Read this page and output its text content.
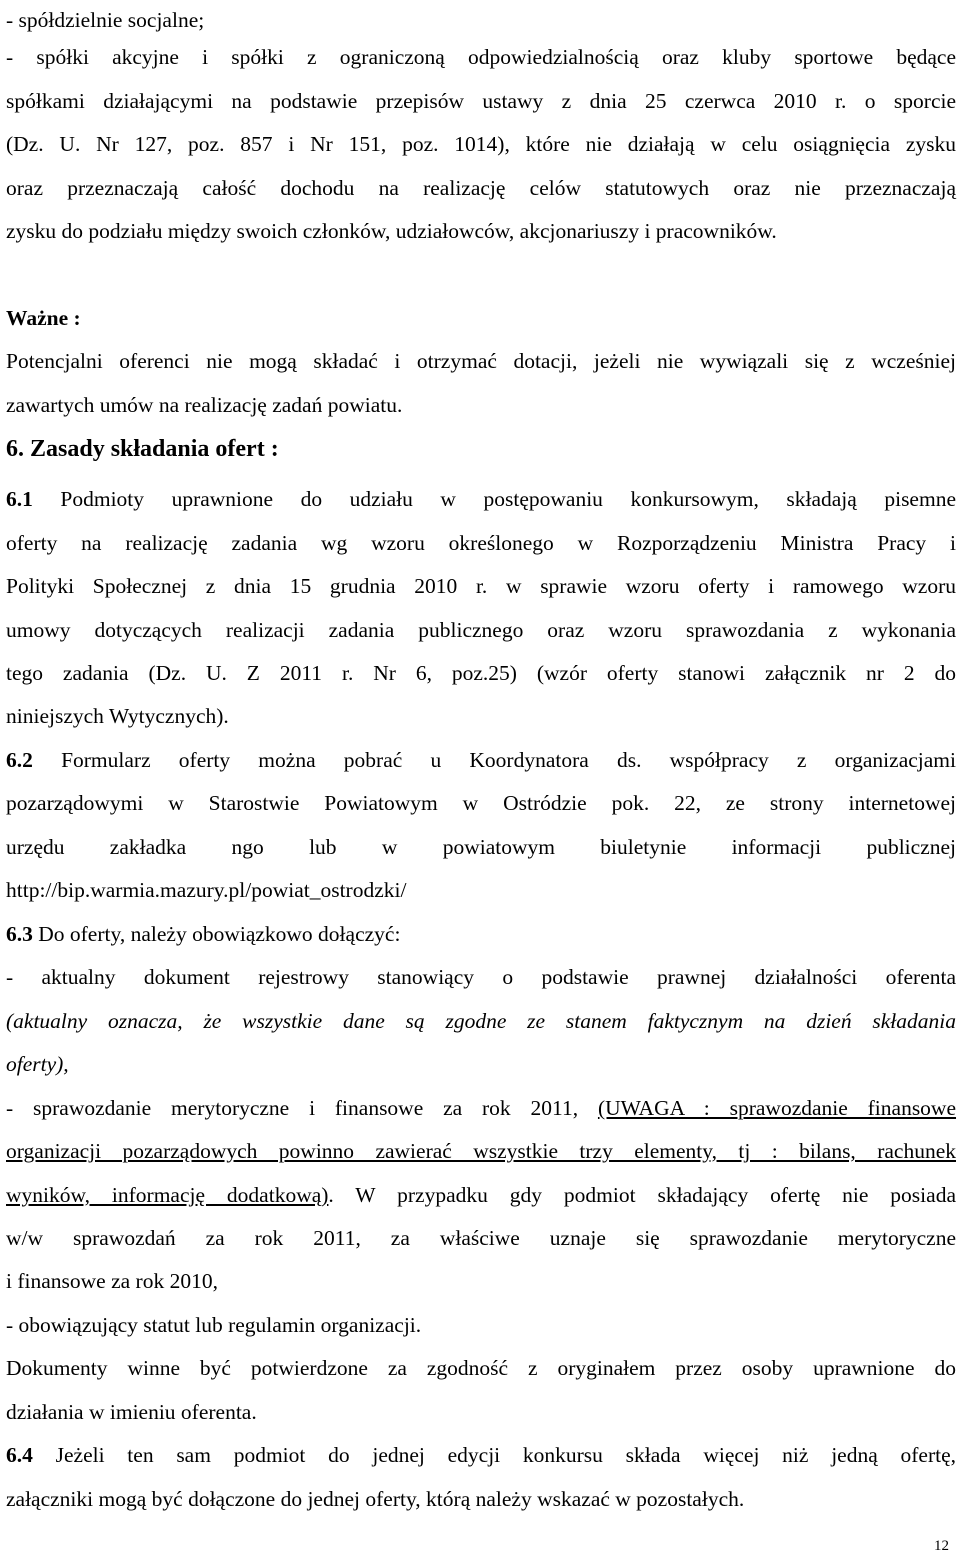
- spółdzielnie socjalne;
- spółki akcyjne i spółki z ograniczoną odpowiedzialnością oraz kluby sportowe będące
spółkami działającymi na podstawie przepisów ustawy z dnia 25 czerwca 2010 r. o sporcie
(Dz. U. Nr 127, poz. 857 i Nr 151, poz. 1014), które nie działają w celu osiągnięcia zysku
oraz przeznaczają całość dochodu na realizację celów statutowych oraz nie przeznaczają
zysku do podziału między swoich członków, udziałowców, akcjonariuszy i pracowników.
Ważne :
Potencjalni oferenci nie mogą składać i otrzymać dotacji, jeżeli nie wywiązali się z wcześniej
zawartych umów na realizację zadań powiatu.
6. Zasady składania ofert :
6.1 Podmioty uprawnione do udziału w postępowaniu konkursowym, składają pisemne
oferty na realizację zadania wg wzoru określonego w Rozporządzeniu Ministra Pracy i
Polityki Społecznej z dnia 15 grudnia 2010 r. w sprawie wzoru oferty i ramowego wzoru
umowy dotyczących realizacji zadania publicznego oraz wzoru sprawozdania z wykonania
tego zadania (Dz. U. Z 2011 r. Nr 6, poz.25) (wzór oferty stanowi załącznik nr 2 do
niniejszych Wytycznych).
6.2 Formularz oferty można pobrać u Koordynatora ds. współpracy z organizacjami
pozarządowymi w Starostwie Powiatowym w Ostródzie pok. 22, ze strony internetowej
urzędu zakładka ngo lub w powiatowym biuletynie informacji publicznej
http://bip.warmia.mazury.pl/powiat_ostrodzki/
6.3 Do oferty, należy obowiązkowo dołączyć:
- aktualny dokument rejestrowy stanowiący o podstawie prawnej działalności oferenta
(aktualny oznacza, że wszystkie dane są zgodne ze stanem faktycznym na dzień składania
oferty),
- sprawozdanie merytoryczne i finansowe za rok 2011, (UWAGA : sprawozdanie finansowe
organizacji pozarządowych powinno zawierać wszystkie trzy elementy, tj : bilans, rachunek
wyników, informację dodatkową). W przypadku gdy podmiot składający ofertę nie posiada
w/w sprawozdań za rok 2011, za właściwe uznaje się sprawozdanie merytoryczne
i finansowe za rok 2010,
- obowiązujący statut lub regulamin organizacji.
Dokumenty winne być potwierdzone za zgodność z oryginałem przez osoby uprawnione do
działania w imieniu oferenta.
6.4 Jeżeli ten sam podmiot do jednej edycji konkursu składa więcej niż jedną ofertę,
załączniki mogą być dołączone do jednej oferty, którą należy wskazać w pozostałych.
12
